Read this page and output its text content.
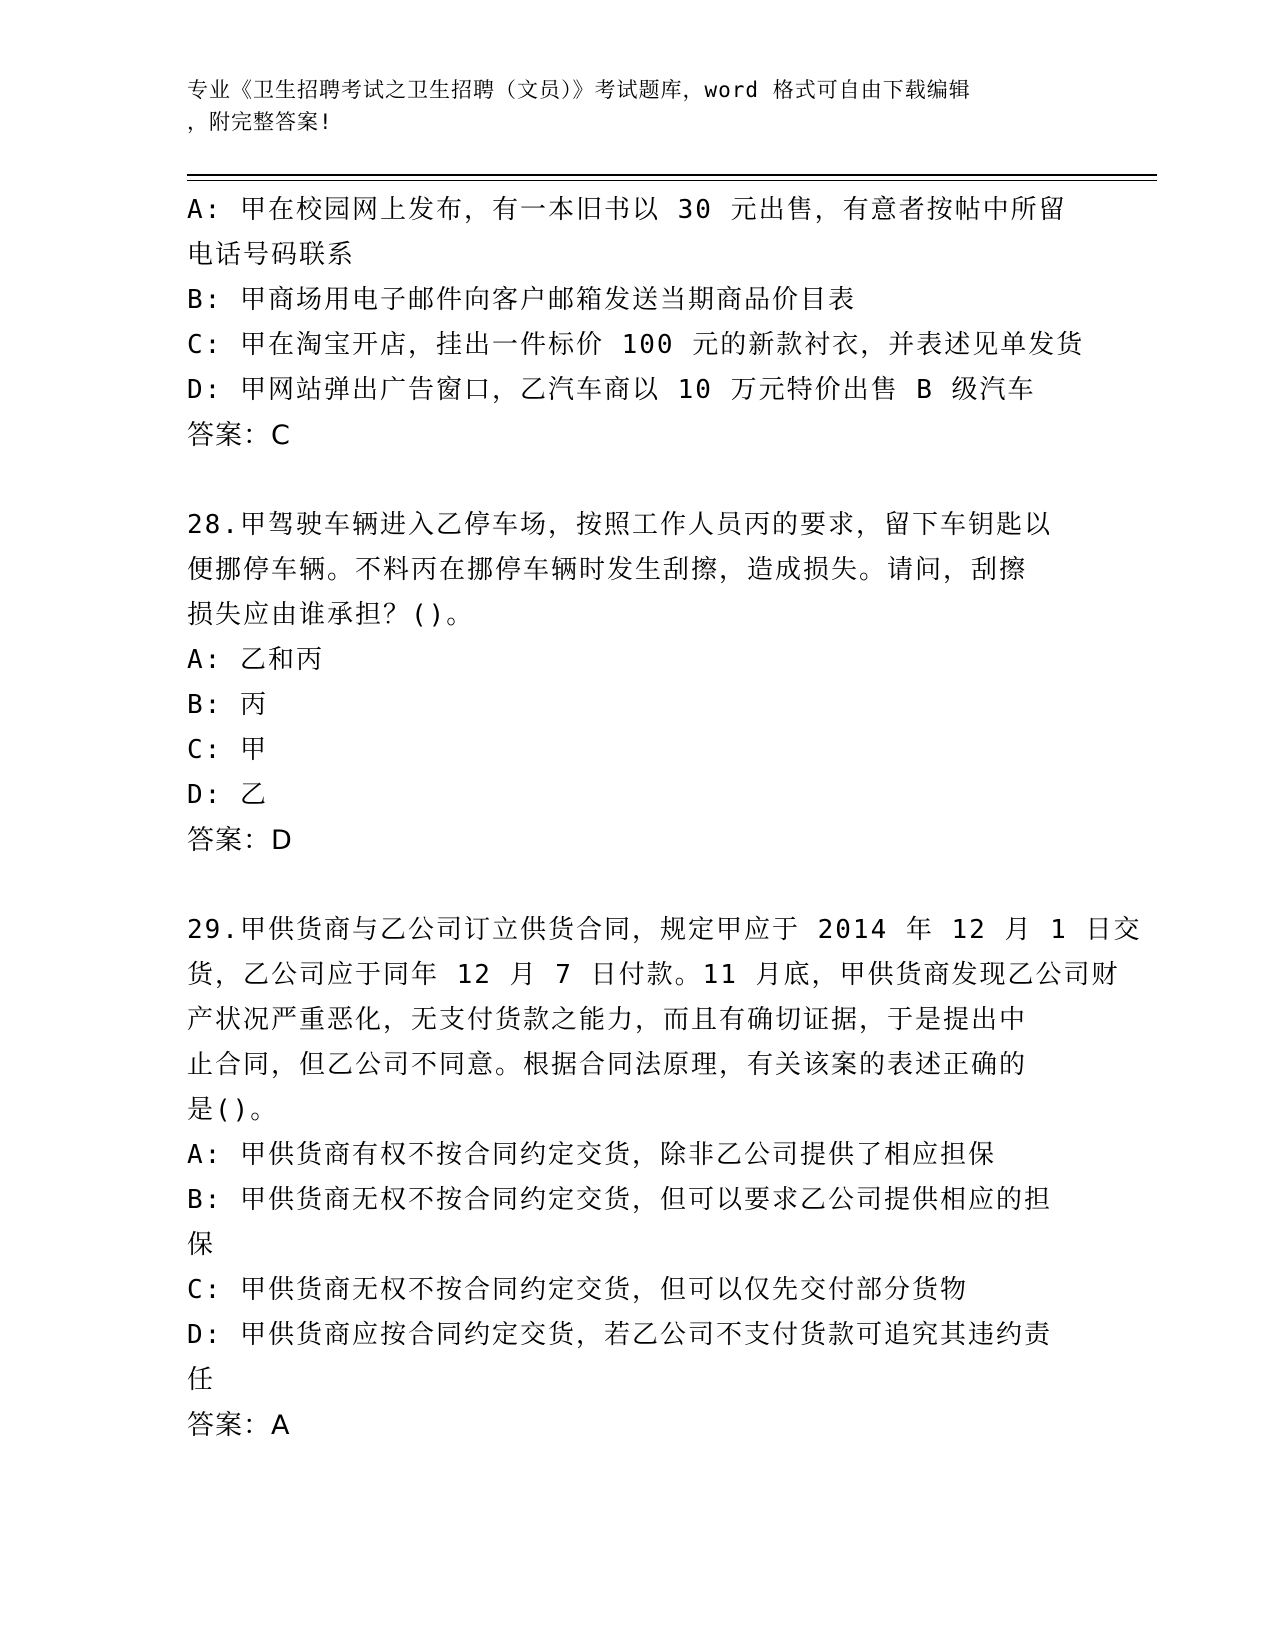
专业《卫生招聘考试之卫生招聘（文员）》考试题库，word 格式可自由下载编辑
，附完整答案!
A: 甲在校园网上发布，有一本旧书以 30 元出售，有意者按帖中所留
电话号码联系
B: 甲商场用电子邮件向客户邮箱发送当期商品价目表
C: 甲在淘宝开店，挂出一件标价 100 元的新款衬衣，并表述见单发货
D: 甲网站弹出广告窗口，乙汽车商以 10 万元特价出售 B 级汽车
答案：C
28.甲驾驶车辆进入乙停车场，按照工作人员丙的要求，留下车钥匙以
便挪停车辆。不料丙在挪停车辆时发生刮擦，造成损失。请问，刮擦
损失应由谁承担？()。
A: 乙和丙
B: 丙
C: 甲
D: 乙
答案：D
29.甲供货商与乙公司订立供货合同，规定甲应于 2014 年 12 月 1 日交
货，乙公司应于同年 12 月 7 日付款。11 月底，甲供货商发现乙公司财
产状况严重恶化，无支付货款之能力，而且有确切证据，于是提出中
止合同，但乙公司不同意。根据合同法原理，有关该案的表述正确的
是()。
A: 甲供货商有权不按合同约定交货，除非乙公司提供了相应担保
B: 甲供货商无权不按合同约定交货，但可以要求乙公司提供相应的担
保
C: 甲供货商无权不按合同约定交货，但可以仅先交付部分货物
D: 甲供货商应按合同约定交货，若乙公司不支付货款可追究其违约责
任
答案：A
